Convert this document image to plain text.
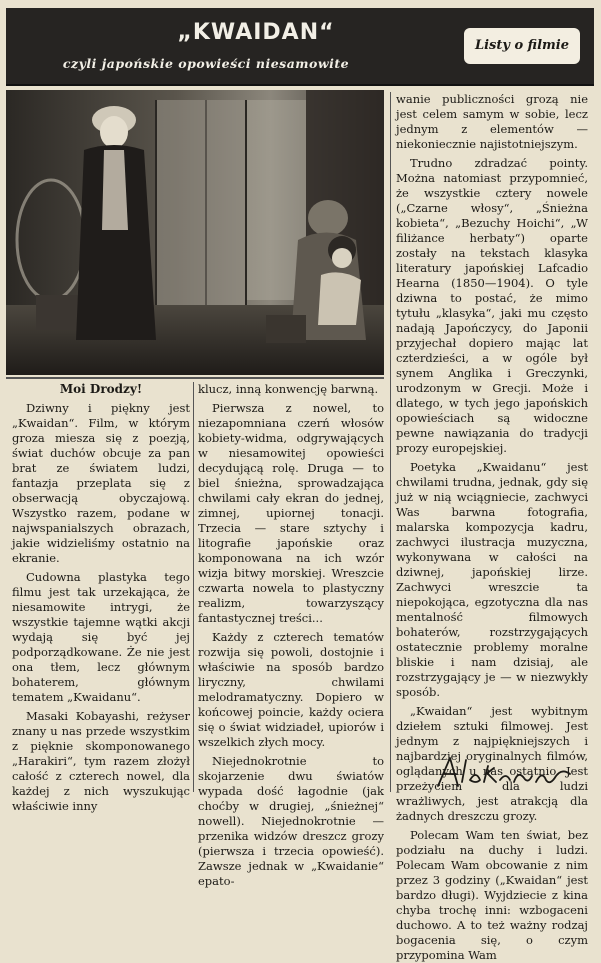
„KWAIDAN“
czyli japońskie opowieści niesamowite
Listy o filmie

Moi Drodzy!

Dziwny i piękny jest „Kwaidan“. Film, w którym groza miesza się z poezją, świat duchów obcuje za pan brat ze światem ludzi, fantazja przeplata się z obserwacją obyczajową. Wszystko razem, podane w najwspanialszych obrazach, jakie widzieliśmy ostatnio na ekranie.

Cudowna plastyka tego filmu jest tak urzekająca, że niesamowite intrygi, że wszystkie tajemne wątki akcji wydają się być jej podporządkowane. Że nie jest ona tłem, lecz głównym bohaterem, głównym tematem „Kwaidanu“.

Masaki Kobayashi, reżyser znany u nas przede wszystkim z pięknie skomponowanego „Harakiri“, tym razem złożył całość z czterech nowel, dla każdej z nich wyszukując właściwie inny

klucz, inną konwencję barwną.

Pierwsza z nowel, to niezapomniana czerń włosów kobiety-widma, odgrywających w niesamowitej opowieści decydującą rolę. Druga — to biel śnieżna, sprowadzająca chwilami cały ekran do jednej, zimnej, upiornej tonacji. Trzecia — stare sztychy i litografie japońskie oraz komponowana na ich wzór wizja bitwy morskiej. Wreszcie czwarta nowela to plastyczny realizm, towarzyszący fantastycznej treści...

Każdy z czterech tematów rozwija się powoli, dostojnie i właściwie na sposób bardzo liryczny, chwilami melodramatyczny. Dopiero w końcowej poincie, każdy ociera się o świat widziadeł, upiorów i wszelkich złych mocy.

Niejednokrotnie to skojarzenie dwu światów wypada dość łagodnie (jak choćby w drugiej, „śnieżnej“ nowell). Niejednokrotnie — przenika widzów dreszcz grozy (pierwsza i trzecia opowieść). Zawsze jednak w „Kwaidanie“ epato-

wanie publiczności grozą nie jest celem samym w sobie, lecz jednym z elementów — niekoniecznie najistotniejszym.

Trudno zdradzać pointy. Można natomiast przypomnieć, że wszystkie cztery nowele („Czarne włosy“, „Śnieżna kobieta“, „Bezuchy Hoichi“, „W filiżance herbaty“) oparte zostały na tekstach klasyka literatury japońskiej Lafcadio Hearna (1850—1904). O tyle dziwna to postać, że mimo tytułu „klasyka“, jaki mu często nadają Japończycy, do Japonii przyjechał dopiero mając lat czterdzieści, a w ogóle był synem Anglika i Greczynki, urodzonym w Grecji. Może i dlatego, w tych jego japońskich opowieściach są widoczne pewne nawiązania do tradycji prozy europejskiej.

Poetyka „Kwaidanu“ jest chwilami trudna, jednak, gdy się już w nią wciągniecie, zachwyci Was barwna fotografia, malarska kompozycja kadru, zachwyci ilustracja muzyczna, wykonywana w całości na dziwnej, japońskiej lirze. Zachwyci wreszcie ta niepokojąca, egzotyczna dla nas mentalność filmowych bohaterów, rozstrzygających ostatecznie problemy moralne bliskie i nam dzisiaj, ale rozstrzygający je — w niezwykły sposób.

„Kwaidan“ jest wybitnym dziełem sztuki filmowej. Jest jednym z najpiękniejszych i najbardziej oryginalnych filmów, oglądanych u nas ostatnio. Jest przeżyciem dla ludzi wrażliwych, jest atrakcją dla żadnych dreszczu grozy.

Polecam Wam ten świat, bez podziału na duchy i ludzi. Polecam Wam obcowanie z nim przez 3 godziny („Kwaidan“ jest bardzo długi). Wyjdziecie z kina chyba trochę inni: wzbogaceni duchowo. A to też ważny rodzaj bogacenia się, o czym przypomina Wam
